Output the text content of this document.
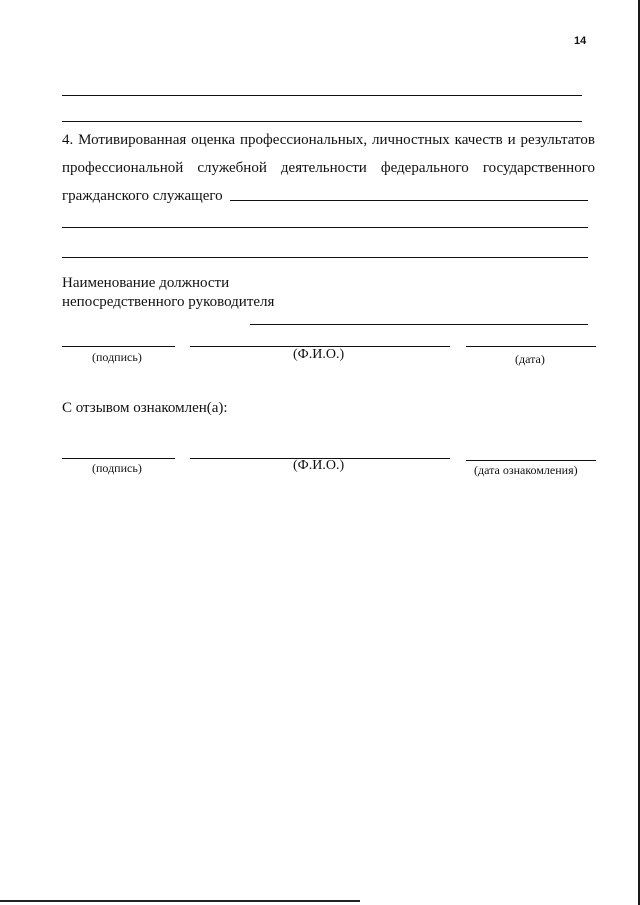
14
4. Мотивированная оценка профессиональных, личностных качеств и результатов
профессиональной служебной деятельности федерального государственного
гражданского служащего
Наименование должности
непосредственного руководителя
(подпись)	(Ф.И.О.)	(дата)
С отзывом ознакомлен(а):
(подпись)	(Ф.И.О.)	(дата ознакомления)
